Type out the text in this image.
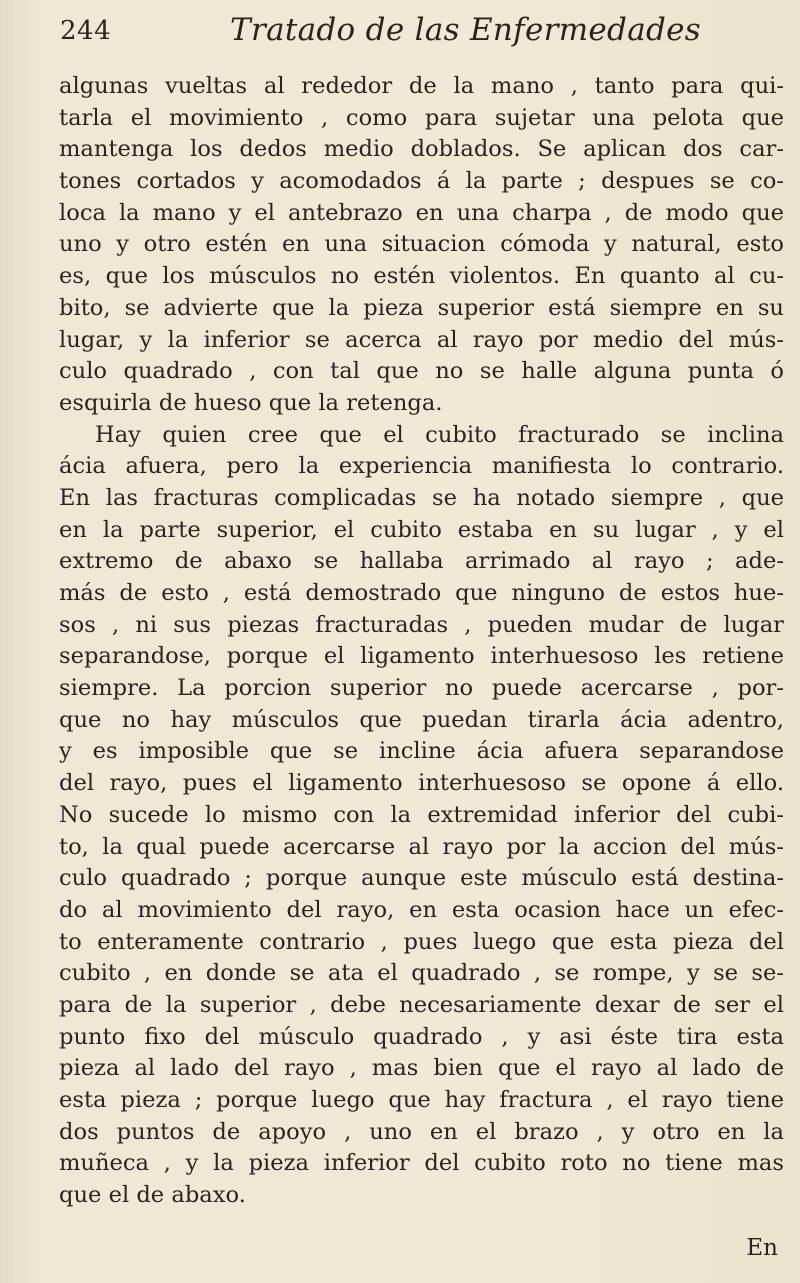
244	Tratado de las Enfermedades
algunas vueltas al rededor de la mano , tanto para qui-
tarla el movimiento , como para sujetar una pelota que
mantenga los dedos medio doblados. Se aplican dos car-
tones cortados y acomodados á la parte ; despues se co-
loca la mano y el antebrazo en una charpa , de modo que
uno y otro estén en una situacion cómoda y natural, esto
es, que los músculos no estén violentos. En quanto al cu-
bito, se advierte que la pieza superior está siempre en su
lugar, y la inferior se acerca al rayo por medio del mús-
culo quadrado , con tal que no se halle alguna punta ó
esquirla de hueso que la retenga.
Hay quien cree que el cubito fracturado se inclina
ácia afuera, pero la experiencia manifiesta lo contrario.
En las fracturas complicadas se ha notado siempre , que
en la parte superior, el cubito estaba en su lugar , y el
extremo de abaxo se hallaba arrimado al rayo ; ade-
más de esto , está demostrado que ninguno de estos hue-
sos , ni sus piezas fracturadas , pueden mudar de lugar
separandose, porque el ligamento interhuesoso les retiene
siempre. La porcion superior no puede acercarse , por-
que no hay músculos que puedan tirarla ácia adentro,
y es imposible que se incline ácia afuera separandose
del rayo, pues el ligamento interhuesoso se opone á ello.
No sucede lo mismo con la extremidad inferior del cubi-
to, la qual puede acercarse al rayo por la accion del mús-
culo quadrado ; porque aunque este músculo está destina-
do al movimiento del rayo, en esta ocasion hace un efec-
to enteramente contrario , pues luego que esta pieza del
cubito , en donde se ata el quadrado , se rompe, y se se-
para de la superior , debe necesariamente dexar de ser el
punto fixo del músculo quadrado , y asi éste tira esta
pieza al lado del rayo , mas bien que el rayo al lado de
esta pieza ; porque luego que hay fractura , el rayo tiene
dos puntos de apoyo , uno en el brazo , y otro en la
muñeca , y la pieza inferior del cubito roto no tiene mas
que el de abaxo.
En
